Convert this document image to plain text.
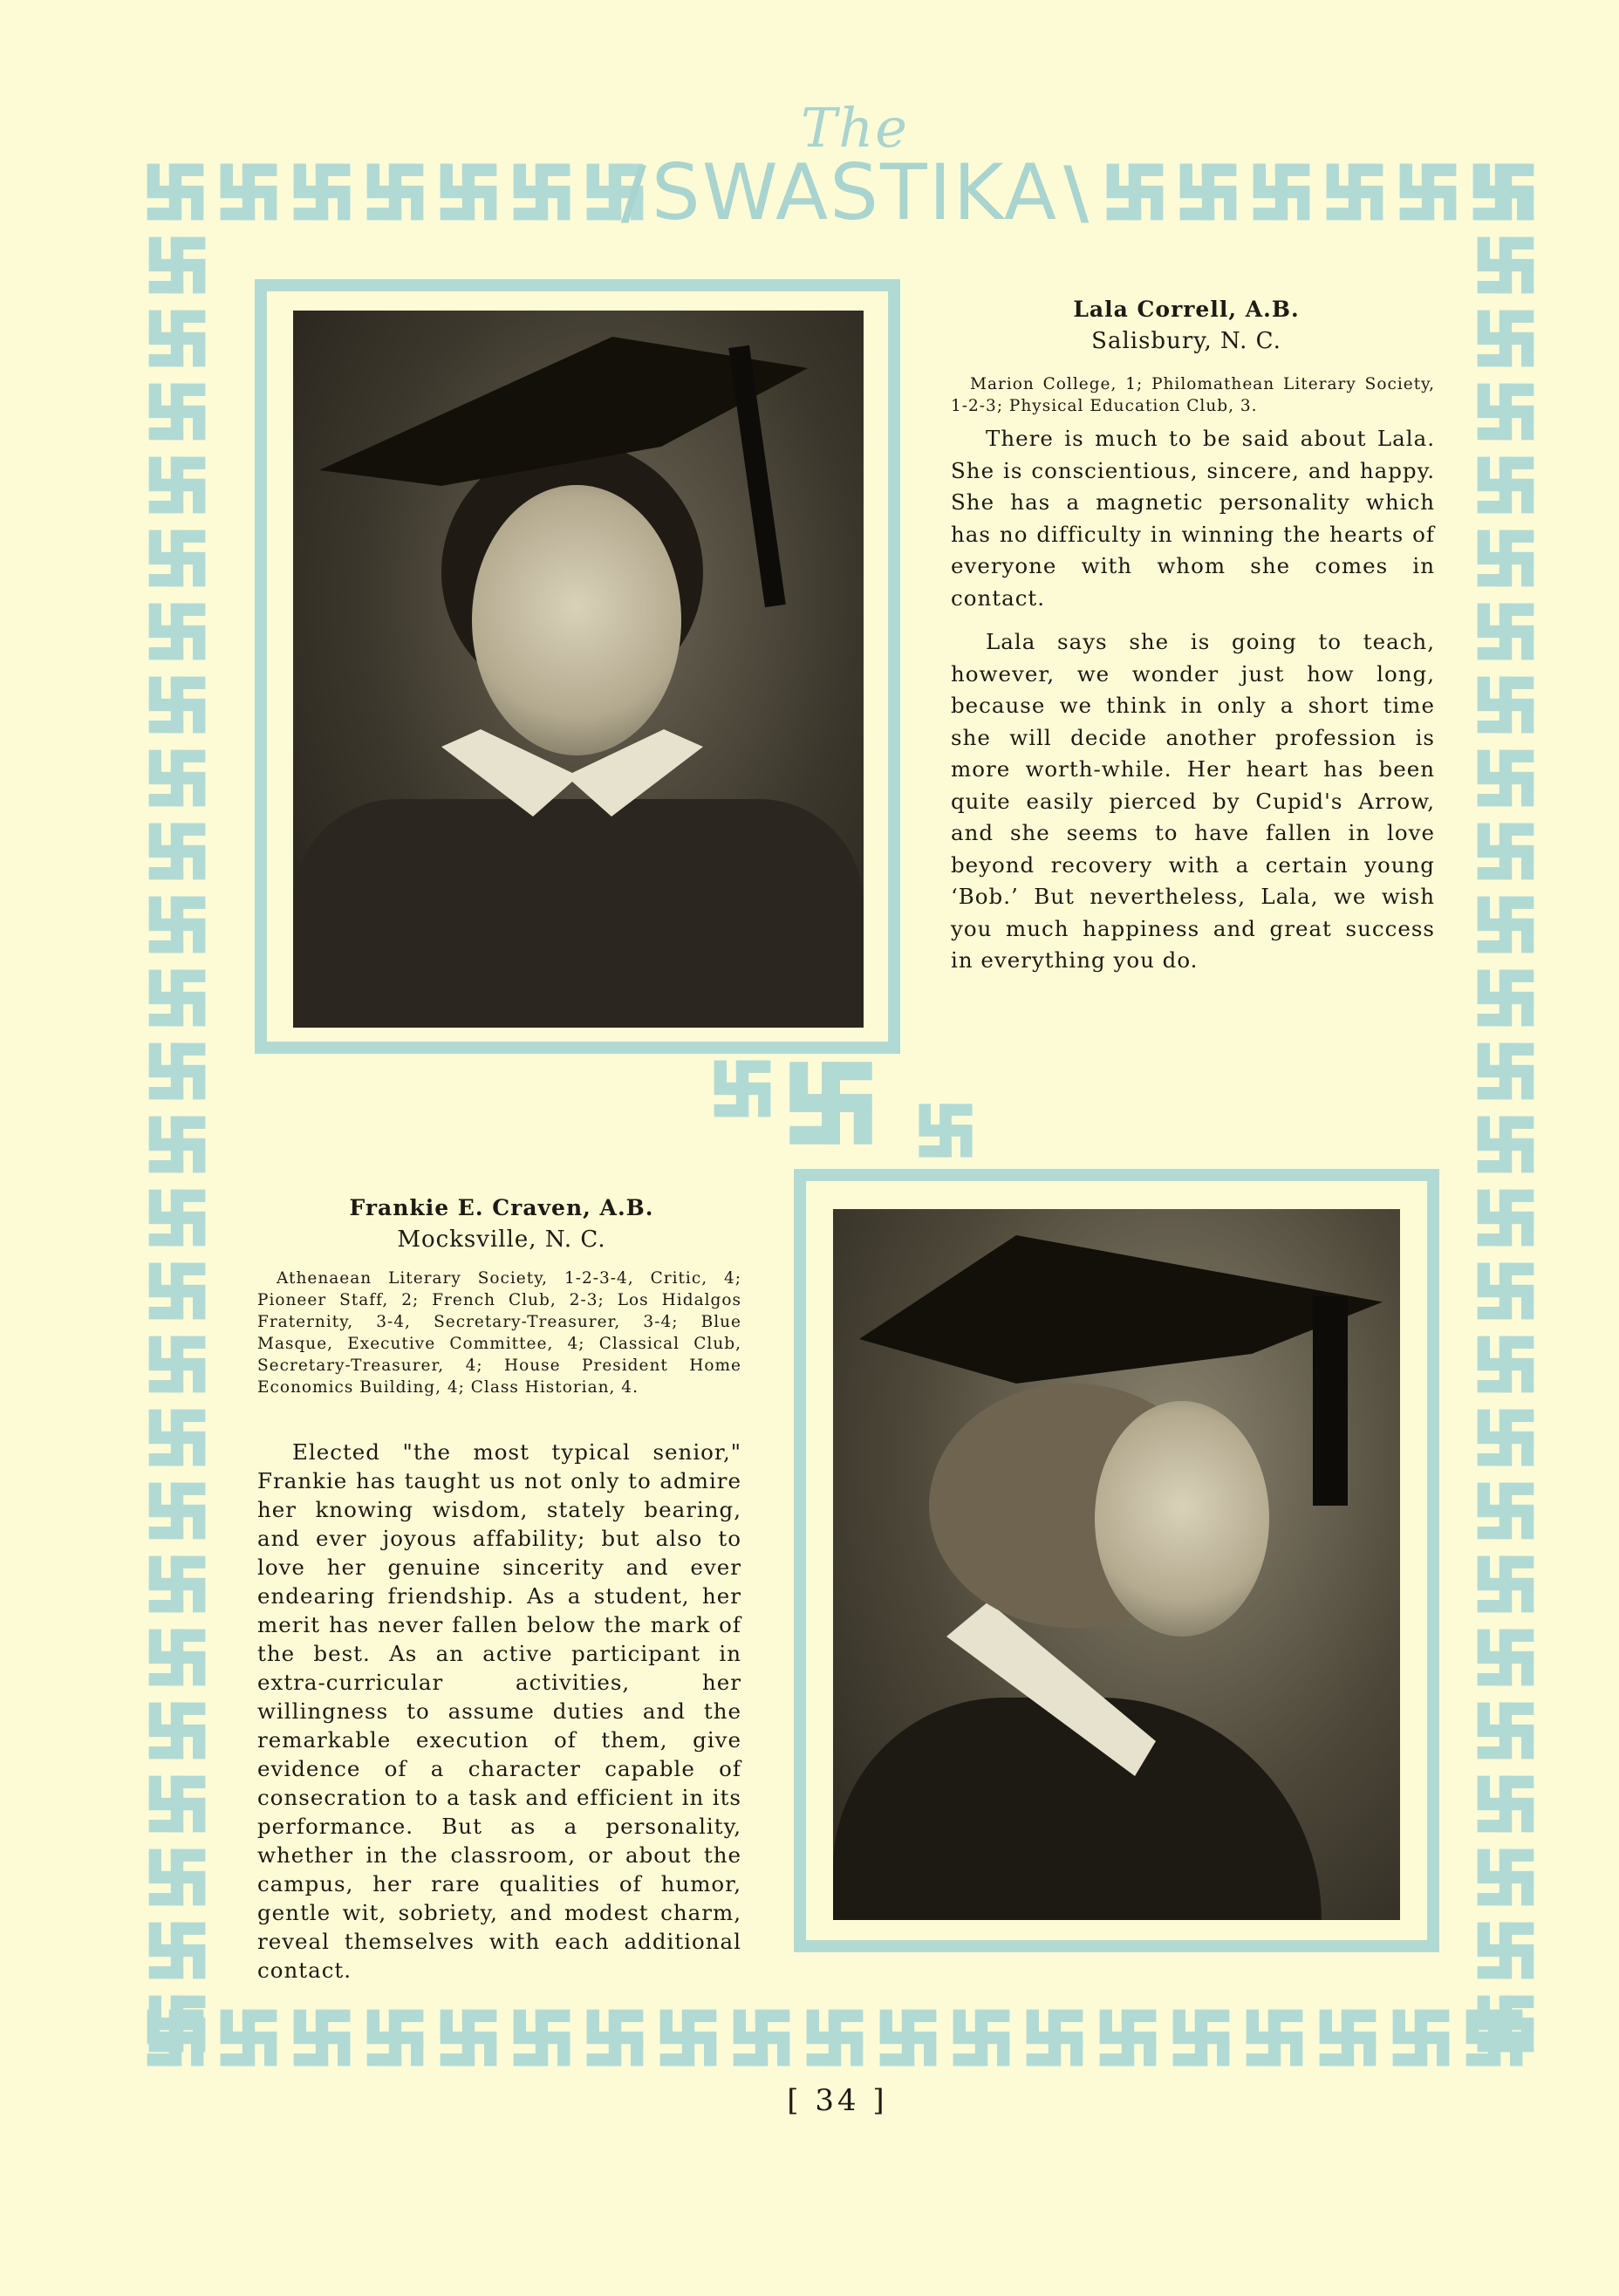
The
/ SWASTIKA \
Lala Correll, A.B.
Salisbury, N. C.
Marion College, 1; Philomathean Literary Society, 1-2-3; Physical Education Club, 3.

There is much to be said about Lala. She is conscientious, sincere, and happy. She has a magnetic personality which has no difficulty in winning the hearts of everyone with whom she comes in contact.

Lala says she is going to teach, however, we wonder just how long, because we think in only a short time she will decide another profession is more worth-while. Her heart has been quite easily pierced by Cupid's Arrow, and she seems to have fallen in love beyond recovery with a certain young ‘Bob.’ But nevertheless, Lala, we wish you much happiness and great success in everything you do.

Frankie E. Craven, A.B.
Mocksville, N. C.
Athenaean Literary Society, 1-2-3-4, Critic, 4; Pioneer Staff, 2; French Club, 2-3; Los Hidalgos Fraternity, 3-4, Secretary-Treasurer, 3-4; Blue Masque, Executive Committee, 4; Classical Club, Secretary-Treasurer, 4; House President Home Economics Building, 4; Class Historian, 4.

Elected "the most typical senior," Frankie has taught us not only to admire her knowing wisdom, stately bearing, and ever joyous affability; but also to love her genuine sincerity and ever endearing friendship. As a student, her merit has never fallen below the mark of the best. As an active participant in extra-curricular activities, her willingness to assume duties and the remarkable execution of them, give evidence of a character capable of consecration to a task and efficient in its performance. But as a personality, whether in the classroom, or about the campus, her rare qualities of humor, gentle wit, sobriety, and modest charm, reveal themselves with each additional contact.

[ 34 ]
